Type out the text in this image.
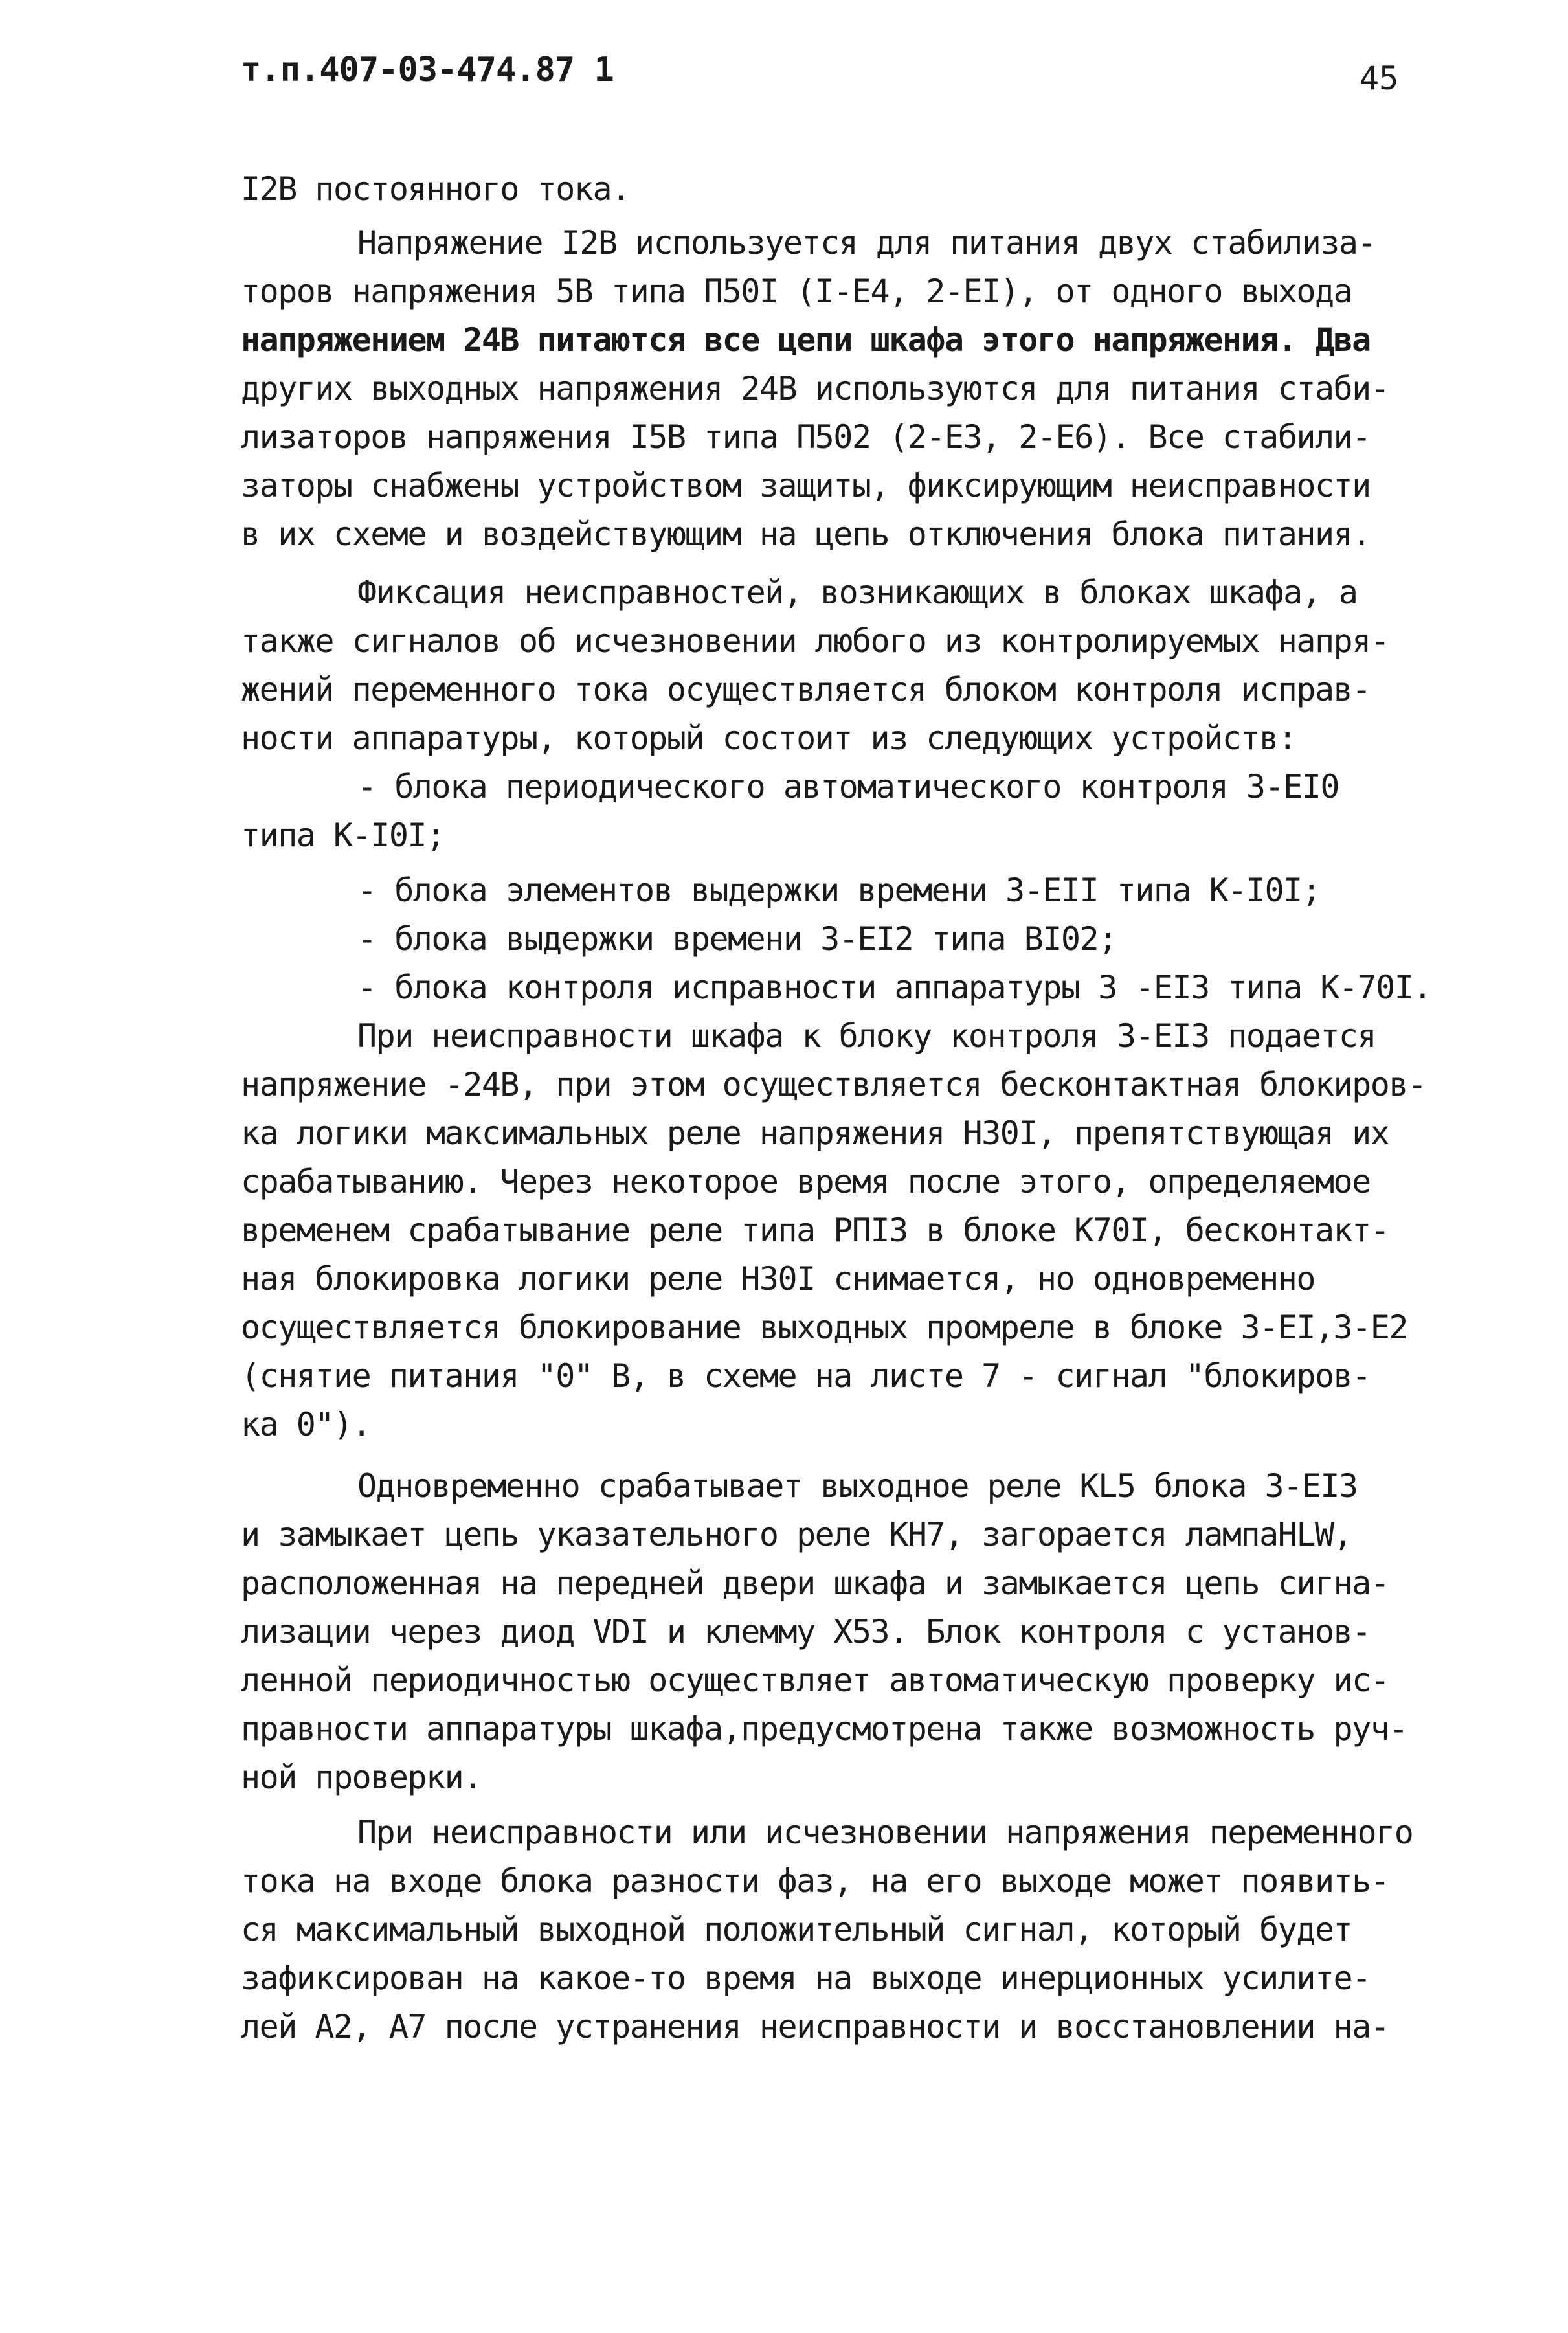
т.п.407-03-474.87 1	45
I2B постоянного тока.
Напряжение I2B используется для питания двух стабилиза-
торов напряжения 5B типа П50I (I-E4, 2-EI), от одного выхода
напряжением 24B питаются все цепи шкафа этого напряжения. Два
других выходных напряжения 24B используются для питания стаби-
лизаторов напряжения I5B типа П502 (2-E3, 2-E6). Все стабили-
заторы снабжены устройством защиты, фиксирующим неисправности
в их схеме и воздействующим на цепь отключения блока питания.
Фиксация неисправностей, возникающих в блоках шкафа, а
также сигналов об исчезновении любого из контролируемых напря-
жений переменного тока осуществляется блоком контроля исправ-
ности аппаратуры, который состоит из следующих устройств:
- блока периодического автоматического контроля 3-EI0
типа К-I0I;
- блока элементов выдержки времени 3-EII типа К-I0I;
- блока выдержки времени 3-EI2 типа BI02;
- блока контроля исправности аппаратуры 3 -EI3 типа К-70I.
При неисправности шкафа к блоку контроля 3-EI3 подается
напряжение -24B, при этом осуществляется бесконтактная блокиров-
ка логики максимальных реле напряжения H30I, препятствующая их
срабатыванию. Через некоторое время после этого, определяемое
временем срабатывание реле типа РПI3 в блоке К70I, бесконтакт-
ная блокировка логики реле H30I снимается, но одновременно
осуществляется блокирование выходных промреле в блоке 3-EI,3-E2
(снятие питания "0" B, в схеме на листе 7 - сигнал "блокиров-
ка 0").
Одновременно срабатывает выходное реле КL5 блока 3-EI3
и замыкает цепь указательного реле КН7, загорается лампаHLW,
расположенная на передней двери шкафа и замыкается цепь сигна-
лизации через диод VDI и клемму X53. Блок контроля с установ-
ленной периодичностью осуществляет автоматическую проверку ис-
правности аппаратуры шкафа,предусмотрена также возможность руч-
ной проверки.
При неисправности или исчезновении напряжения переменного
тока на входе блока разности фаз, на его выходе может появить-
ся максимальный выходной положительный сигнал, который будет
зафиксирован на какое-то время на выходе инерционных усилите-
лей A2, A7 после устранения неисправности и восстановлении на-
